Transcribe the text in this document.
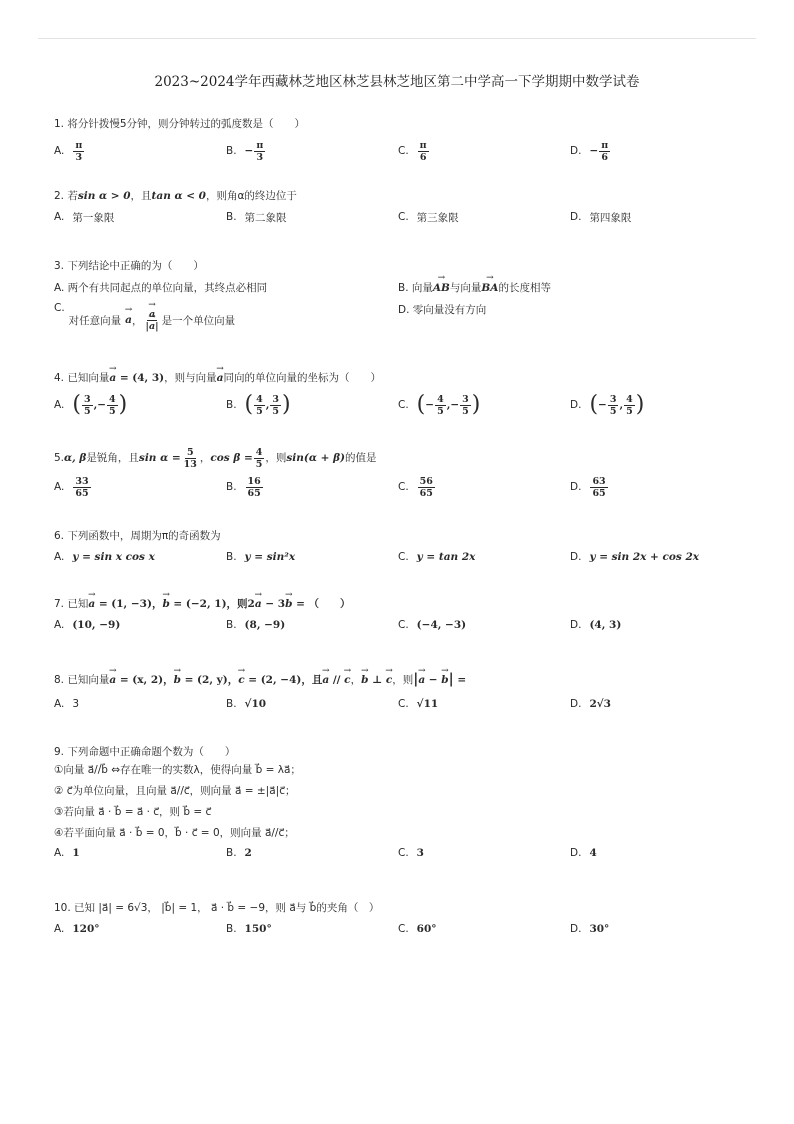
2023~2024学年西藏林芝地区林芝县林芝地区第二中学高一下学期期中数学试卷
1. 将分针拨慢5分钟，则分钟转过的弧度数是（　　）
A. $\frac{\pi}{3}$	B. − $\frac{\pi}{3}$	C. $\frac{\pi}{6}$	D. − $\frac{\pi}{6}$
2. 若sin α > 0，且tan α < 0，则角α的终边位于
A. 第一象限	B. 第二象限	C. 第三象限	D. 第四象限
3. 下列结论中正确的为（　　）
A. 两个有共同起点的单位向量，其终点必相同	B. 向量→ AB与向量→ BA的长度相等
C.
对任意向量 → a ， → $\frac{a}{|\to a|}$ 是一个单位向量
D. 零向量没有方向
4. 已知向量→ a = (4, 3)，则与向量→ a同向的单位向量的坐标为（　　）
A. ( $\frac{3}{5}$ , − $\frac{4}{5}$ )	B. ( $\frac{4}{5}$ , $\frac{3}{5}$ )	C. ( − $\frac{4}{5}$ , − $\frac{3}{5}$ )	D. ( − $\frac{3}{5}$ , $\frac{4}{5}$ )
5. α, β 是锐角，且 $\sin \alpha = \frac{5}{13}$ ， $\cos \beta = \frac{4}{5}$ ，则 sin(α + β) 的值是
A. $\frac{33}{65}$	B. $\frac{16}{65}$	C. $\frac{56}{65}$	D. $\frac{63}{65}$
6. 下列函数中，周期为π的奇函数为
A. y = sin x cos x	B. y = sin²x	C. y = tan 2x	D. y = sin 2x + cos 2x
7. 已知→ a = (1, −3)，→ b = (−2, 1)，则2→ a − 3→ b = （　　）
A. (10, −9)	B. (8, −9)	C. (−4, −3)	D. (4, 3)
8. 已知向量→ a = (x, 2)，→ b = (2, y)，→ c = (2, −4)，且→ a // → c，→ b ⊥ → c，则|→ a − → b| =
A. 3	B. √10	C. √11	D. 2√3
9. 下列命题中正确命题个数为（　　）
①向量 a⃗//b⃗ ⇔存在唯一的实数λ，使得向量 b⃗ = λa⃗；
② c⃗为单位向量，且向量 a⃗//c⃗，则向量 a⃗ = ±|a⃗|c⃗；
③若向量 a⃗ · b⃗ = a⃗ · c⃗，则 b⃗ = c⃗
④若平面向量 a⃗ · b⃗ = 0，b⃗ · c⃗ = 0，则向量 a⃗//c⃗；
A. 1	B. 2	C. 3	D. 4
10. 已知 |a⃗| = 6√3， |b⃗| = 1， a⃗ · b⃗ = −9，则 a⃗与 b⃗的夹角（　）
A. 120°	B. 150°	C. 60°	D. 30°
